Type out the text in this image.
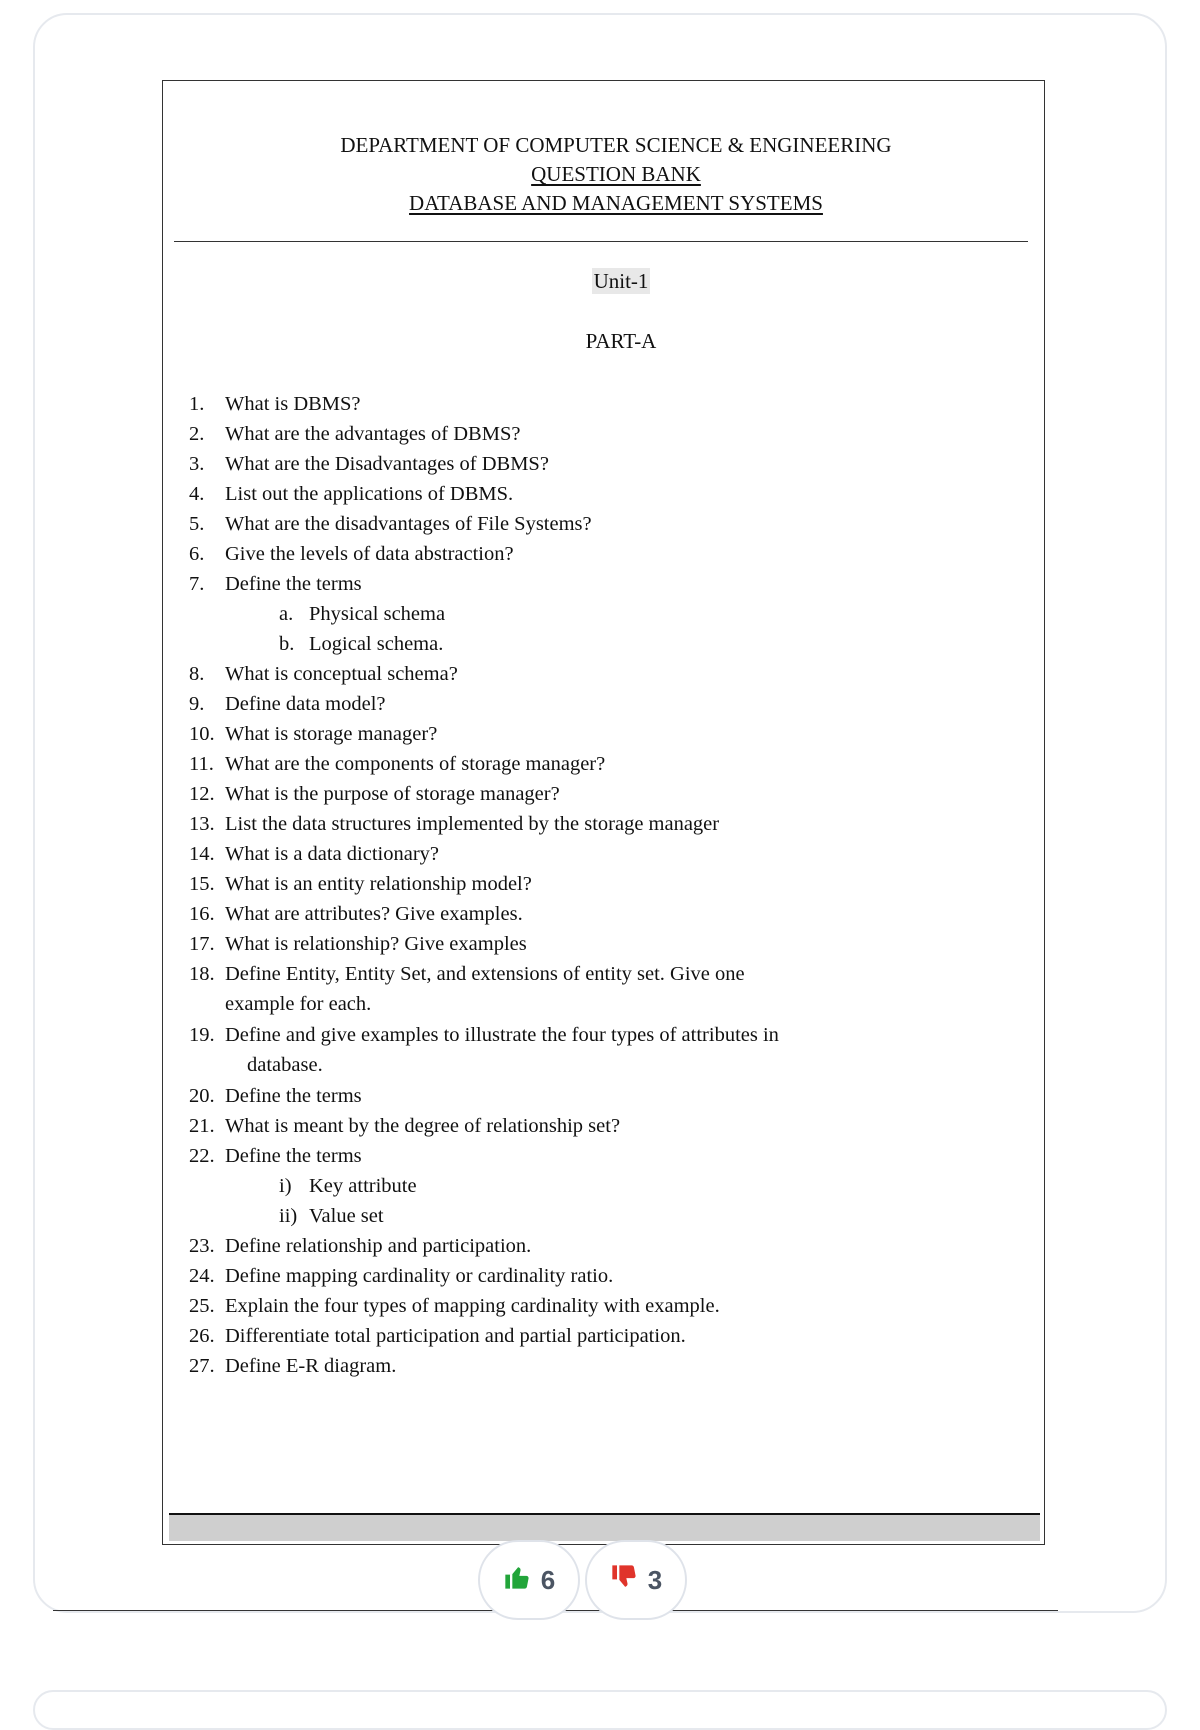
DEPARTMENT OF COMPUTER SCIENCE & ENGINEERING
QUESTION BANK
DATABASE AND MANAGEMENT SYSTEMS
Unit-1
PART-A
1.	What is DBMS?
2.	What are the advantages of DBMS?
3.	What are the Disadvantages of DBMS?
4.	List out the applications of DBMS.
5.	What are the disadvantages of File Systems?
6.	Give the levels of data abstraction?
7.	Define the terms
a. Physical schema
b. Logical schema.
8.	What is conceptual schema?
9.	Define data model?
10. What is storage manager?
11. What are the components of storage manager?
12. What is the purpose of storage manager?
13. List the data structures implemented by the storage manager
14. What is a data dictionary?
15. What is an entity relationship model?
16. What are attributes? Give examples.
17. What is relationship? Give examples
18. Define Entity, Entity Set, and extensions of entity set. Give one
example for each.
19. Define and give examples to illustrate the four types of attributes in
database.
20. Define the terms
21. What is meant by the degree of relationship set?
22. Define the terms
i) Key attribute
ii) Value set
23. Define relationship and participation.
24. Define mapping cardinality or cardinality ratio.
25. Explain the four types of mapping cardinality with example.
26. Differentiate total participation and partial participation.
27. Define E-R diagram.
6	3
